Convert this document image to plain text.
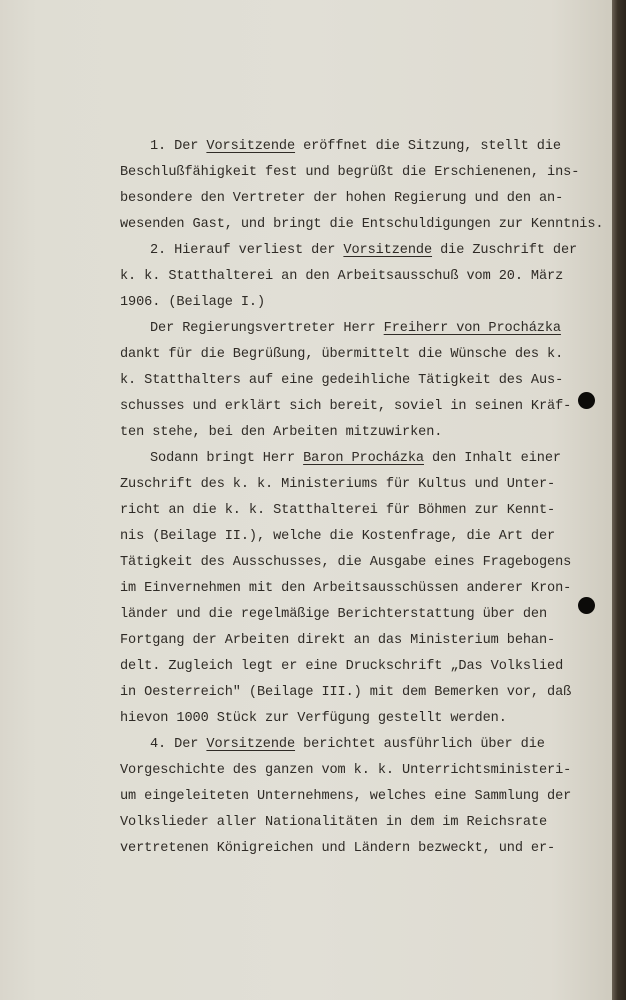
1. Der Vorsitzende eröffnet die Sitzung, stellt die
Beschlußfähigkeit fest und begrüßt die Erschienenen, ins-
besondere den Vertreter der hohen Regierung und den an-
wesenden Gast, und bringt die Entschuldigungen zur Kenntnis.
2. Hierauf verliest der Vorsitzende die Zuschrift der
k. k. Statthalterei an den Arbeitsausschuß vom 20. März
1906. (Beilage I.)
Der Regierungsvertreter Herr Freiherr von Procházka
dankt für die Begrüßung, übermittelt die Wünsche des k.
k. Statthalters auf eine gedeihliche Tätigkeit des Aus-
schusses und erklärt sich bereit, soviel in seinen Kräf-
ten stehe, bei den Arbeiten mitzuwirken.
Sodann bringt Herr Baron Procházka den Inhalt einer
Zuschrift des k. k. Ministeriums für Kultus und Unter-
richt an die k. k. Statthalterei für Böhmen zur Kennt-
nis (Beilage II.), welche die Kostenfrage, die Art der
Tätigkeit des Ausschusses, die Ausgabe eines Fragebogens
im Einvernehmen mit den Arbeitsausschüssen anderer Kron-
länder und die regelmäßige Berichterstattung über den
Fortgang der Arbeiten direkt an das Ministerium behan-
delt. Zugleich legt er eine Druckschrift „Das Volkslied
in Oesterreich" (Beilage III.) mit dem Bemerken vor, daß
hievon 1000 Stück zur Verfügung gestellt werden.
4. Der Vorsitzende berichtet ausführlich über die
Vorgeschichte des ganzen vom k. k. Unterrichtsministeri-
um eingeleiteten Unternehmens, welches eine Sammlung der
Volkslieder aller Nationalitäten in dem im Reichsrate
vertretenen Königreichen und Ländern bezweckt, und er-
